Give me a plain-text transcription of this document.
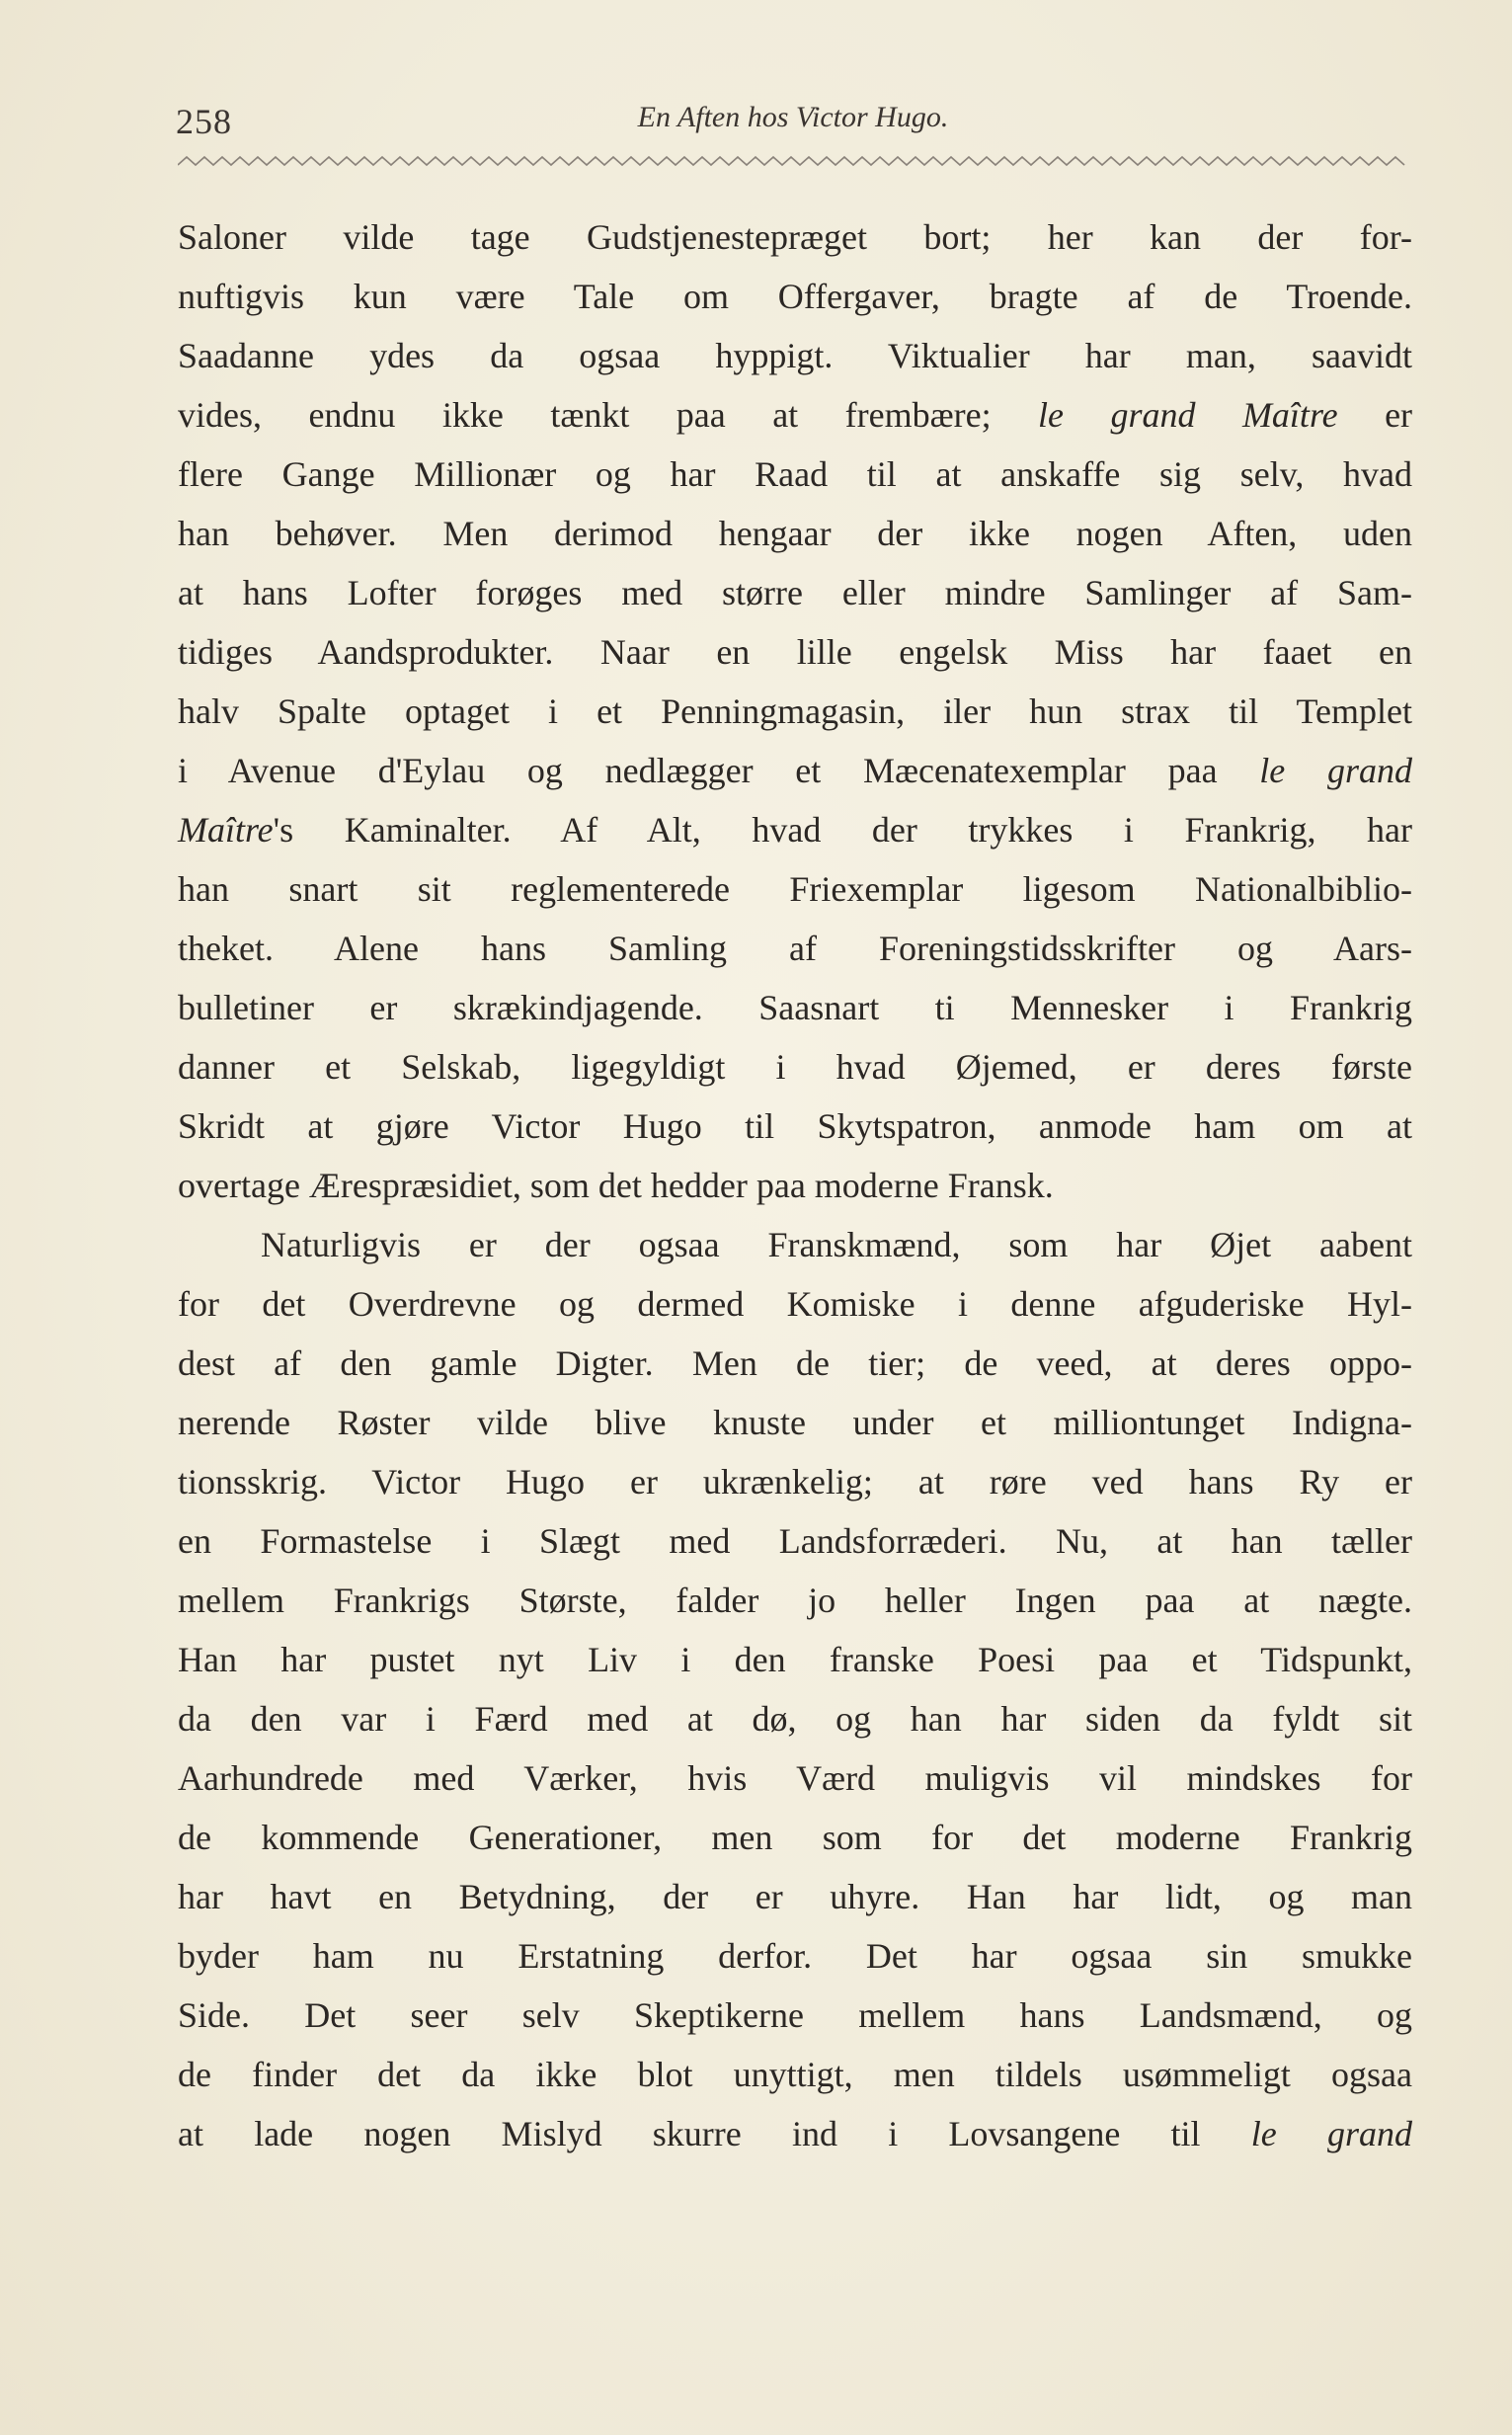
258	En Aften hos Victor Hugo.
Saloner vilde tage Gudstjenestepræget bort; her kan der for-
nuftigvis kun være Tale om Offergaver, bragte af de Troende.
Saadanne ydes da ogsaa hyppigt. Viktualier har man, saavidt
vides, endnu ikke tænkt paa at frembære; le grand Maître er
flere Gange Millionær og har Raad til at anskaffe sig selv, hvad
han behøver. Men derimod hengaar der ikke nogen Aften, uden
at hans Lofter forøges med større eller mindre Samlinger af Sam-
tidiges Aandsprodukter. Naar en lille engelsk Miss har faaet en
halv Spalte optaget i et Penningmagasin, iler hun strax til Templet
i Avenue d'Eylau og nedlægger et Mæcenatexemplar paa le grand
Maître's Kaminalter. Af Alt, hvad der trykkes i Frankrig, har
han snart sit reglementerede Friexemplar ligesom Nationalbiblio-
theket. Alene hans Samling af Foreningstidsskrifter og Aars-
bulletiner er skrækindjagende. Saasnart ti Mennesker i Frankrig
danner et Selskab, ligegyldigt i hvad Øjemed, er deres første
Skridt at gjøre Victor Hugo til Skytspatron, anmode ham om at
overtage Ærespræsidiet, som det hedder paa moderne Fransk.
Naturligvis er der ogsaa Franskmænd, som har Øjet aabent
for det Overdrevne og dermed Komiske i denne afguderiske Hyl-
dest af den gamle Digter. Men de tier; de veed, at deres oppo-
nerende Røster vilde blive knuste under et milliontunget Indigna-
tionsskrig. Victor Hugo er ukrænkelig; at røre ved hans Ry er
en Formastelse i Slægt med Landsforræderi. Nu, at han tæller
mellem Frankrigs Største, falder jo heller Ingen paa at nægte.
Han har pustet nyt Liv i den franske Poesi paa et Tidspunkt,
da den var i Færd med at dø, og han har siden da fyldt sit
Aarhundrede med Værker, hvis Værd muligvis vil mindskes for
de kommende Generationer, men som for det moderne Frankrig
har havt en Betydning, der er uhyre. Han har lidt, og man
byder ham nu Erstatning derfor. Det har ogsaa sin smukke
Side. Det seer selv Skeptikerne mellem hans Landsmænd, og
de finder det da ikke blot unyttigt, men tildels usømmeligt ogsaa
at lade nogen Mislyd skurre ind i Lovsangene til le grand
